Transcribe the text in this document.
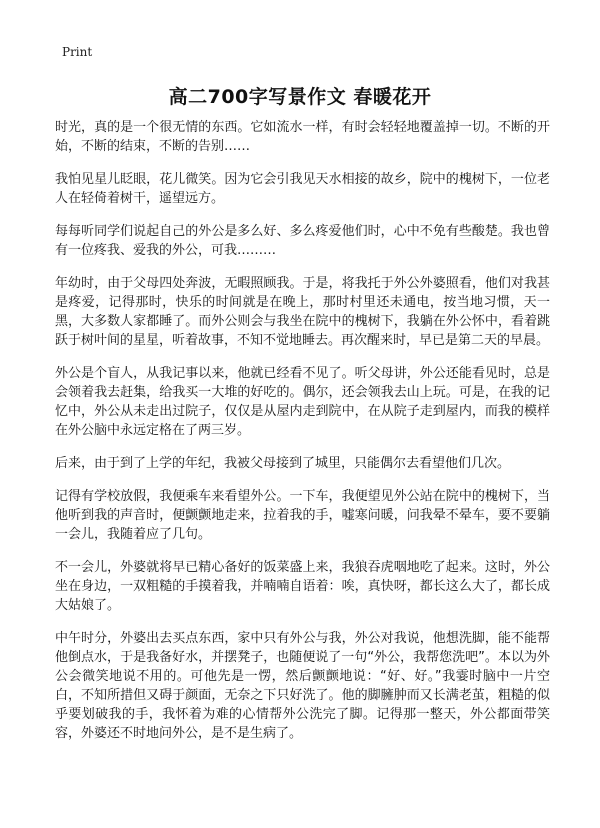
Print
高二700字写景作文 春暖花开

时光，真的是一个很无情的东西。它如流水一样，有时会轻轻地覆盖掉一切。不断的开始，不断的结束，不断的告别……

我怕见星儿眨眼，花儿微笑。因为它会引我见天水相接的故乡，院中的槐树下，一位老人在轻倚着树干，遥望远方。

每每听同学们说起自己的外公是多么好、多么疼爱他们时，心中不免有些酸楚。我也曾有一位疼我、爱我的外公，可我………

年幼时，由于父母四处奔波，无暇照顾我。于是，将我托于外公外婆照看，他们对我甚是疼爱，记得那时，快乐的时间就是在晚上，那时村里还未通电，按当地习惯，天一黑，大多数人家都睡了。而外公则会与我坐在院中的槐树下，我躺在外公怀中，看着跳跃于树叶间的星星，听着故事，不知不觉地睡去。再次醒来时，早已是第二天的早晨。

外公是个盲人，从我记事以来，他就已经看不见了。听父母讲，外公还能看见时，总是会领着我去赶集，给我买一大堆的好吃的。偶尔，还会领我去山上玩。可是，在我的记忆中，外公从未走出过院子，仅仅是从屋内走到院中，在从院子走到屋内，而我的模样在外公脑中永远定格在了两三岁。

后来，由于到了上学的年纪，我被父母接到了城里，只能偶尔去看望他们几次。

记得有学校放假，我便乘车来看望外公。一下车，我便望见外公站在院中的槐树下，当他听到我的声音时，便颤颤地走来，拉着我的手，嘘寒问暖，问我晕不晕车，要不要躺一会儿，我随着应了几句。

不一会儿，外婆就将早已精心备好的饭菜盛上来，我狼吞虎咽地吃了起来。这时，外公坐在身边，一双粗糙的手摸着我，并喃喃自语着：唉，真快呀，都长这么大了，都长成大姑娘了。

中午时分，外婆出去买点东西，家中只有外公与我，外公对我说，他想洗脚，能不能帮他倒点水，于是我备好水，并摆凳子，也随便说了一句“外公，我帮您洗吧”。本以为外公会微笑地说不用的。可他先是一愣，然后颤颤地说：“好、好。”我霎时脑中一片空白，不知所措但又碍于颜面，无奈之下只好洗了。他的脚臃肿而又长满老茧，粗糙的似乎要划破我的手，我怀着为难的心情帮外公洗完了脚。记得那一整天，外公都面带笑容，外婆还不时地问外公，是不是生病了。
